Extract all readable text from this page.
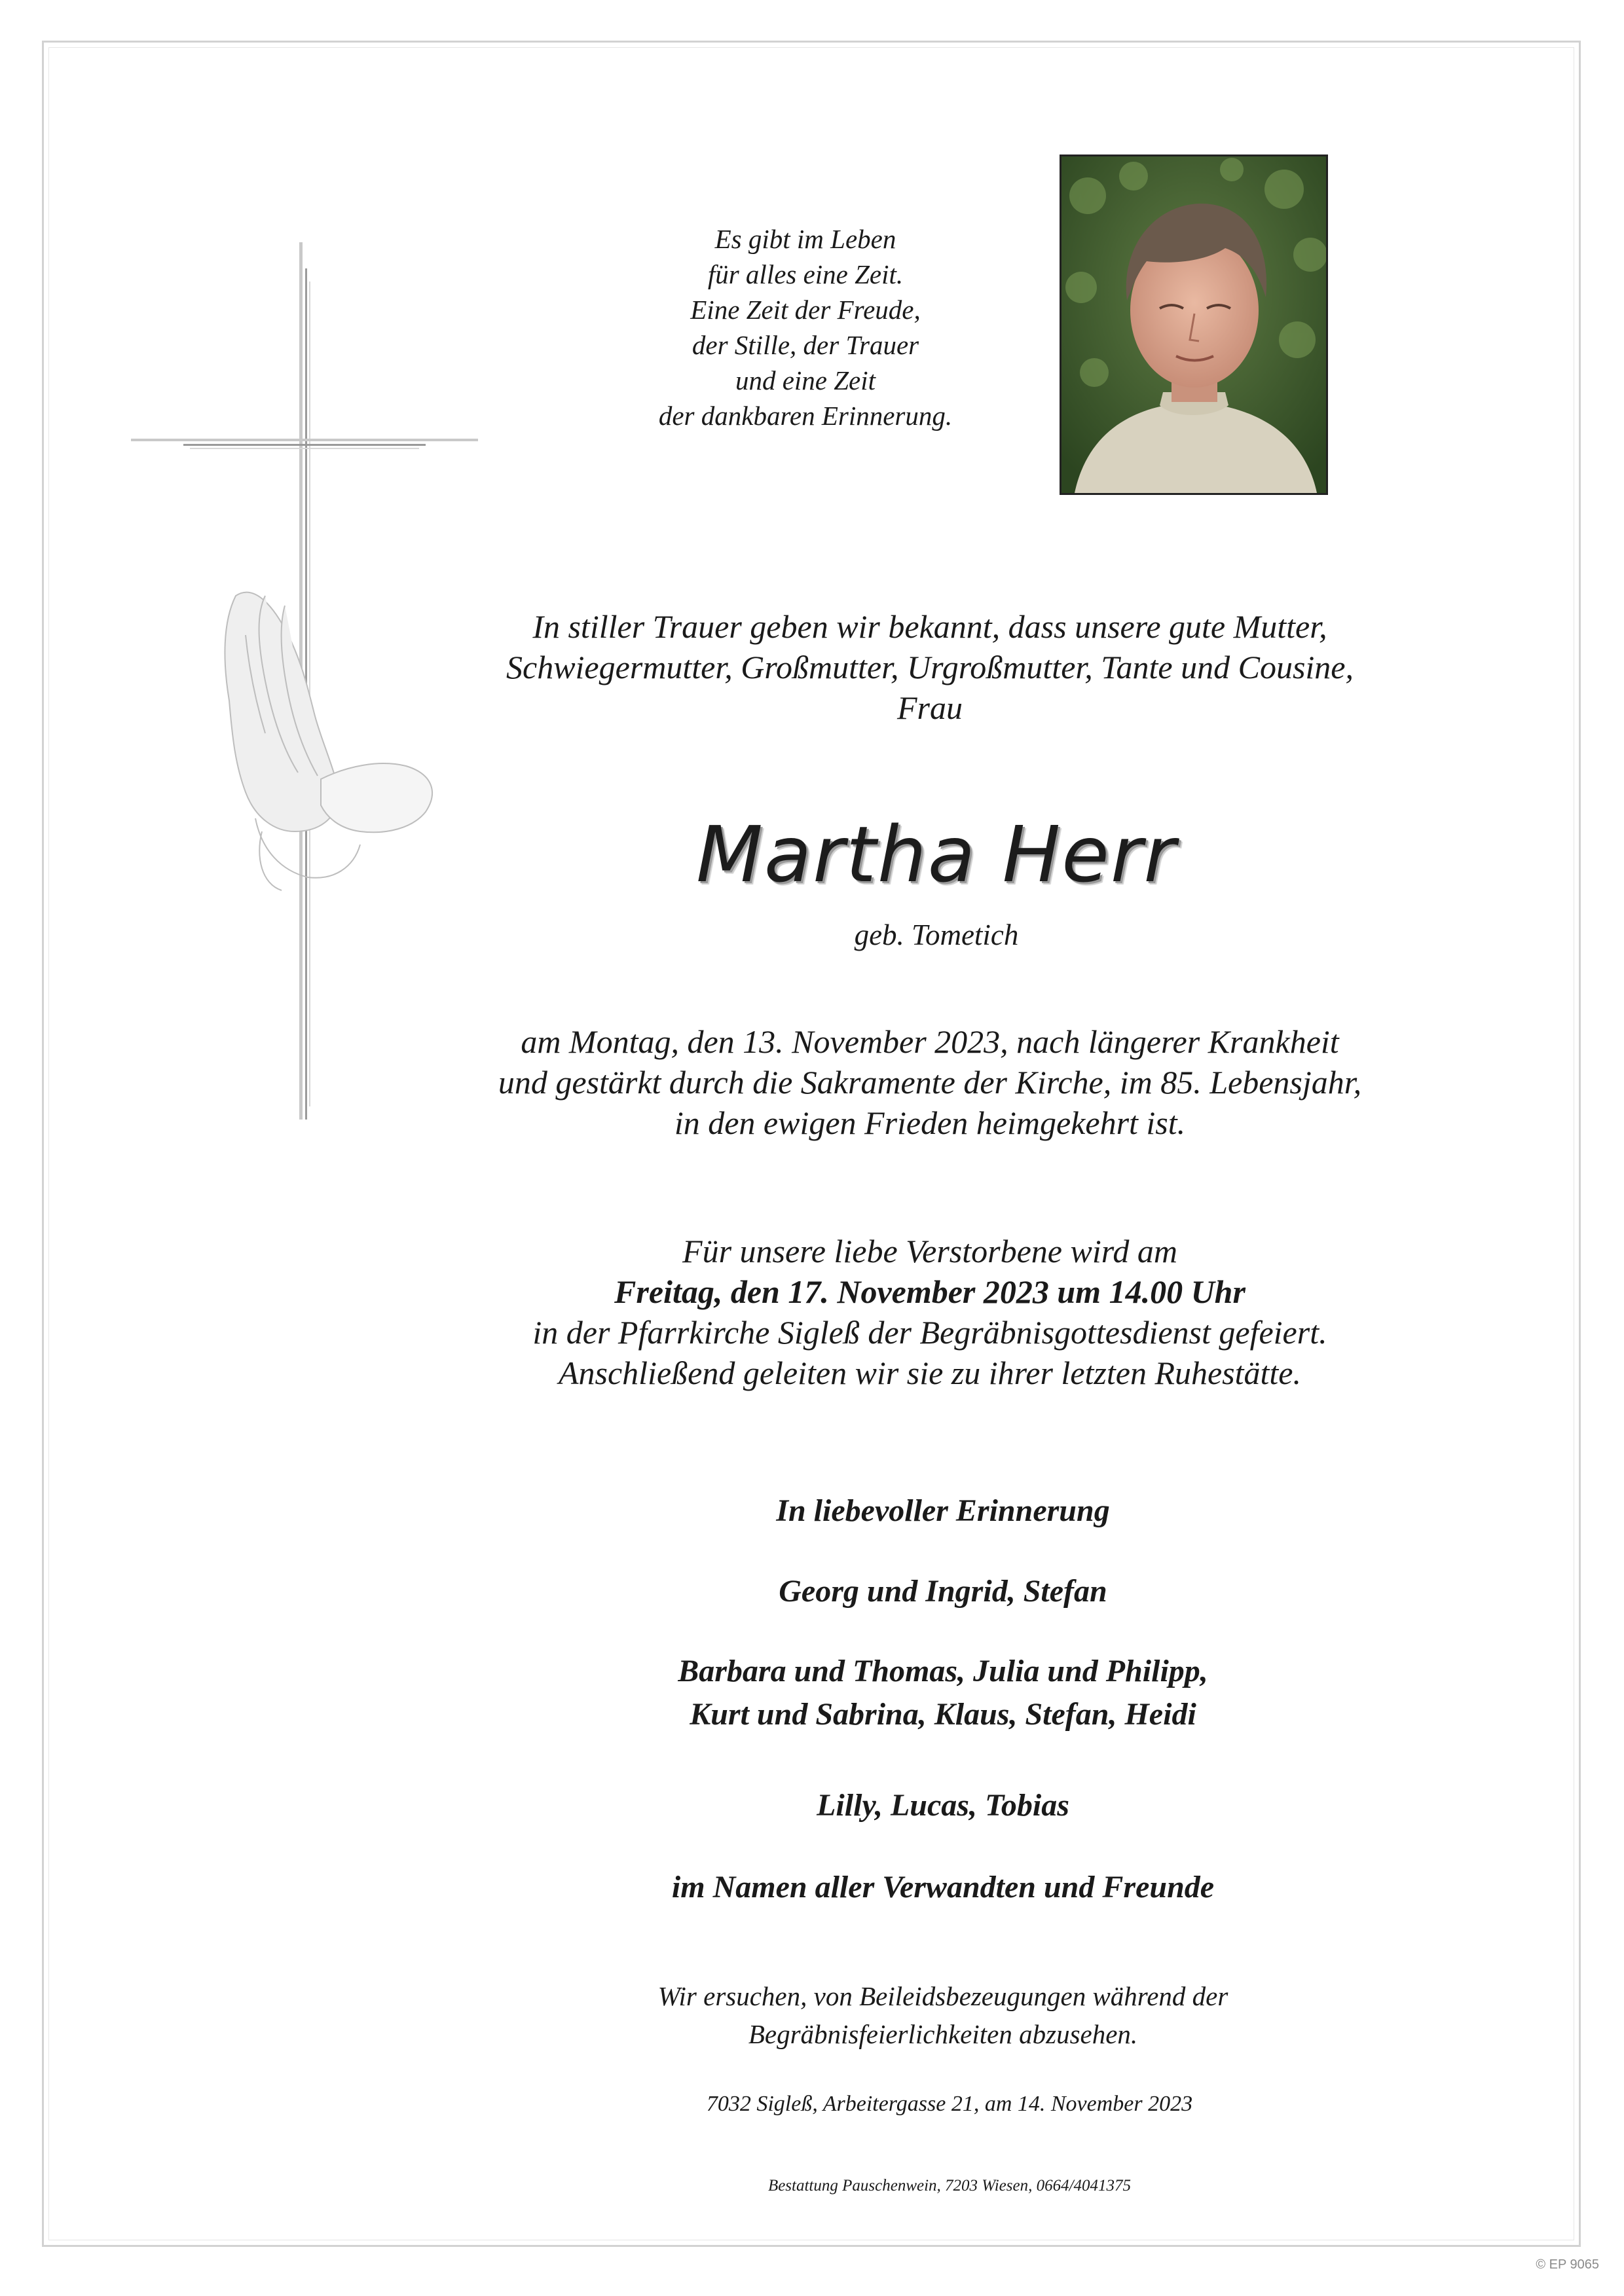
Es gibt im Leben
für alles eine Zeit.
Eine Zeit der Freude,
der Stille, der Trauer
und eine Zeit
der dankbaren Erinnerung.
In stiller Trauer geben wir bekannt, dass unsere gute Mutter,
Schwiegermutter, Großmutter, Urgroßmutter, Tante und Cousine,
Frau
Martha Herr
geb. Tometich
am Montag, den 13. November 2023, nach längerer Krankheit
und gestärkt durch die Sakramente der Kirche, im 85. Lebensjahr,
in den ewigen Frieden heimgekehrt ist.
Für unsere liebe Verstorbene wird am
Freitag, den 17. November 2023 um 14.00 Uhr
in der Pfarrkirche Sigleß der Begräbnisgottesdienst gefeiert.
Anschließend geleiten wir sie zu ihrer letzten Ruhestätte.
In liebevoller Erinnerung
Georg und Ingrid, Stefan
Barbara und Thomas, Julia und Philipp,
Kurt und Sabrina, Klaus, Stefan, Heidi
Lilly, Lucas, Tobias
im Namen aller Verwandten und Freunde
Wir ersuchen, von Beileidsbezeugungen während der
Begräbnisfeierlichkeiten abzusehen.
7032 Sigleß, Arbeitergasse 21, am 14. November 2023
Bestattung Pauschenwein, 7203 Wiesen, 0664/4041375
© EP 9065
